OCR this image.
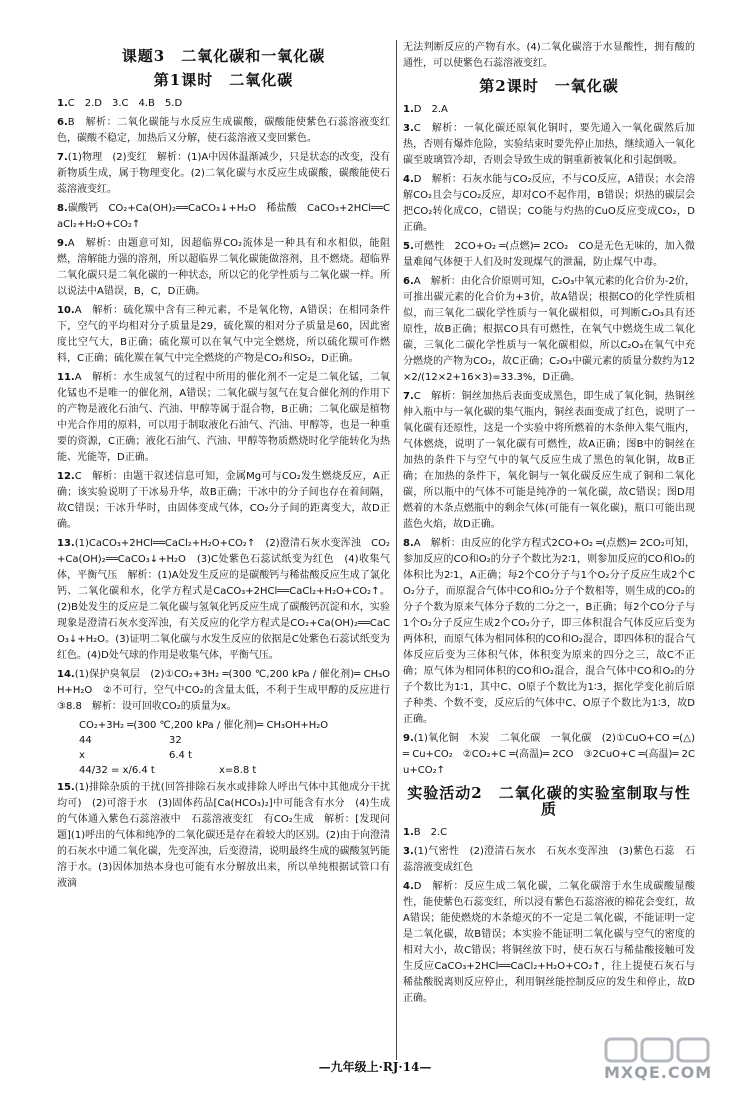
课题3　二氧化碳和一氧化碳
第1课时　二氧化碳
1.C　2.D　3.C　4.B　5.D
6.B　解析：二氧化碳能与水反应生成碳酸，碳酸能使紫色石蕊溶液变红色，碳酸不稳定，加热后又分解，使石蕊溶液又变回紫色。
7.(1)物理　(2)变红　解析：(1)A中因体温渐减少，只是状态的改变，没有新物质生成，属于物理变化。(2)二氧化碳与水反应生成碳酸，碳酸能使石蕊溶液变红。
8.碳酸钙　CO₂+Ca(OH)₂══CaCO₃↓+H₂O　稀盐酸　CaCO₃+2HCl══CaCl₂+H₂O+CO₂↑
9.A　解析：由题意可知，因超临界CO₂流体是一种具有和水相似，能阻燃，溶解能力强的溶剂，所以超临界二氧化碳能做溶剂，且不燃烧。超临界二氧化碳只是二氧化碳的一种状态，所以它的化学性质与二氧化碳一样。所以说法中A错误，B，C，D正确。
10.A　解析：硫化羰中含有三种元素，不是氧化物，A错误；在相同条件下，空气的平均相对分子质量是29，硫化羰的相对分子质量是60，因此密度比空气大，B正确；硫化羰可以在氧气中完全燃烧，所以硫化羰可作燃料，C正确；硫化羰在氧气中完全燃烧的产物是CO₂和SO₂，D正确。
11.A　解析：水生成氢气的过程中所用的催化剂不一定是二氧化锰，二氧化锰也不是唯一的催化剂，A错误；二氧化碳与氢气在复合催化剂的作用下的产物是液化石油气、汽油、甲醇等属于混合物，B正确；二氧化碳是植物中光合作用的原料，可以用于制取液化石油气、汽油、甲醇等，也是一种重要的资源，C正确；液化石油气、汽油、甲醇等物质燃烧时化学能转化为热能、光能等，D正确。
12.C　解析：由题干叙述信息可知，金属Mg可与CO₂发生燃烧反应，A正确；该实验说明了干冰易升华，故B正确；干冰中的分子间也存在着间隔，故C错误；干冰升华时，由固体变成气体，CO₂分子间的距离变大，故D正确。
13.(1)CaCO₃+2HCl══CaCl₂+H₂O+CO₂↑　(2)澄清石灰水变浑浊　CO₂+Ca(OH)₂══CaCO₃↓+H₂O　(3)C处紫色石蕊试纸变为红色　(4)收集气体，平衡气压　解析：(1)A处发生反应的是碳酸钙与稀盐酸反应生成了氯化钙、二氧化碳和水，化学方程式是CaCO₃+2HCl══CaCl₂+H₂O+CO₂↑。(2)B处发生的反应是二氧化碳与氢氧化钙反应生成了碳酸钙沉淀和水，实验现象是澄清石灰水变浑浊，有关反应的化学方程式是CO₂+Ca(OH)₂══CaCO₃↓+H₂O。(3)证明二氧化碳与水发生反应的依据是C处紫色石蕊试纸变为红色。(4)D处气球的作用是收集气体，平衡气压。
14.(1)保护臭氧层　(2)①CO₂+3H₂ ═(300 ℃,200 kPa / 催化剂)═ CH₃OH+H₂O　②不可行，空气中CO₂的含量太低，不利于生成甲醇的反应进行　③8.8　解析：设可回收CO₂的质量为x。
CO₂+3H₂ ═(300 ℃,200 kPa / 催化剂)═ CH₃OH+H₂O
44	32
x	6.4 t
44/32 = x/6.4 t	x=8.8 t
15.(1)排除杂质的干扰(回答排除石灰水或排除人呼出气体中其他成分干扰均可)　(2)可溶于水　(3)固体药品[Ca(HCO₃)₂]中可能含有水分　(4)生成的气体通入紫色石蕊溶液中　石蕊溶液变红　有CO₂生成　解析：[发现问题](1)呼出的气体和纯净的二氧化碳还是存在着较大的区别。(2)由于向澄清的石灰水中通二氧化碳，先变浑浊，后变澄清，说明最终生成的碳酸氢钙能溶于水。(3)因体加热本身也可能有水分解放出来，所以单纯根据试管口有液滴
无法判断反应的产物有水。(4)二氧化碳溶于水显酸性，拥有酸的通性，可以使紫色石蕊溶液变红。
第2课时　一氧化碳
1.D　2.A
3.C　解析：一氧化碳还原氧化铜时，要先通入一氧化碳然后加热，否则有爆炸危险，实验结束时要先停止加热，继续通入一氧化碳至玻璃管冷却，否则会导致生成的铜重新被氧化和引起倒吸。
4.D　解析：石灰水能与CO₂反应，不与CO反应，A错误；水会溶解CO₂且会与CO₂反应，却对CO不起作用，B错误；炽热的碳层会把CO₂转化成CO，C错误；CO能与灼热的CuO反应变成CO₂，D正确。
5.可燃性　2CO+O₂ ═(点燃)═ 2CO₂　CO是无色无味的，加入微量难闻气体便于人们及时发现煤气的泄漏，防止煤气中毒。
6.A　解析：由化合价原则可知，C₂O₃中氧元素的化合价为-2价，可推出碳元素的化合价为+3价，故A错误；根据CO的化学性质相似，而三氧化二碳化学性质与一氧化碳相似，可判断C₂O₃具有还原性，故B正确；根据CO具有可燃性，在氧气中燃烧生成二氧化碳，三氧化二碳化学性质与一氧化碳相似，所以C₂O₃在氧气中充分燃烧的产物为CO₂，故C正确；C₂O₃中碳元素的质量分数约为12×2/(12×2+16×3)=33.3%，D正确。
7.C　解析：铜丝加热后表面变成黑色，即生成了氧化铜，热铜丝伸入瓶中与一氧化碳的集气瓶内，铜丝表面变成了红色，说明了一氧化碳有还原性，这是一个实验中将所燃着的木条伸入集气瓶内，气体燃烧，说明了一氧化碳有可燃性，故A正确；图B中的铜丝在加热的条件下与空气中的氧气反应生成了黑色的氧化铜，故B正确；在加热的条件下，氧化铜与一氧化碳反应生成了铜和二氧化碳，所以瓶中的气体不可能是纯净的一氧化碳，故C错误；图D用燃着的木条点燃瓶中的剩余气体(可能有一氧化碳)，瓶口可能出现蓝色火焰，故D正确。
8.A　解析：由反应的化学方程式2CO+O₂ ═(点燃)═ 2CO₂可知，参加反应的CO和O₂的分子个数比为2∶1，则参加反应的CO和O₂的体积比为2∶1，A正确；每2个CO分子与1个O₂分子反应生成2个CO₂分子，而原混合气体中CO和O₂分子个数相等，则生成的CO₂的分子个数为原来气体分子数的二分之一，B正确；每2个CO分子与1个O₂分子反应生成2个CO₂分子，即三体积混合气体反应后变为两体积，而原气体为相同体积的CO和O₂混合，即四体积的混合气体反应后变为三体积气体，体积变为原来的四分之三，故C不正确；原气体为相同体积的CO和O₂混合，混合气体中CO和O₂的分子个数比为1∶1，其中C、O原子个数比为1∶3，据化学变化前后原子种类、个数不变，反应后的气体中C、O原子个数比为1∶3，故D正确。
9.(1)氧化铜　木炭　二氧化碳　一氧化碳　(2)①CuO+CO ═(△)═ Cu+CO₂　②CO₂+C ═(高温)═ 2CO　③2CuO+C ═(高温)═ 2Cu+CO₂↑
实验活动2　二氧化碳的实验室制取与性质
1.B　2.C
3.(1)气密性　(2)澄清石灰水　石灰水变浑浊　(3)紫色石蕊　石蕊溶液变成红色
4.D　解析：反应生成二氧化碳，二氧化碳溶于水生成碳酸显酸性，能使紫色石蕊变红，所以浸有紫色石蕊溶液的棉花会变红，故A错误；能使燃烧的木条熄灭的不一定是二氧化碳，不能证明一定是二氧化碳，故B错误；本实验不能证明二氧化碳与空气的密度的相对大小，故C错误；将铜丝放下时，使石灰石与稀盐酸接触可发生反应CaCO₃+2HCl══CaCl₂+H₂O+CO₂↑，往上提使石灰石与稀盐酸脱离则反应停止，利用铜丝能控制反应的发生和停止，故D正确。
—九年级上·RJ·14—	MXQE.COM
